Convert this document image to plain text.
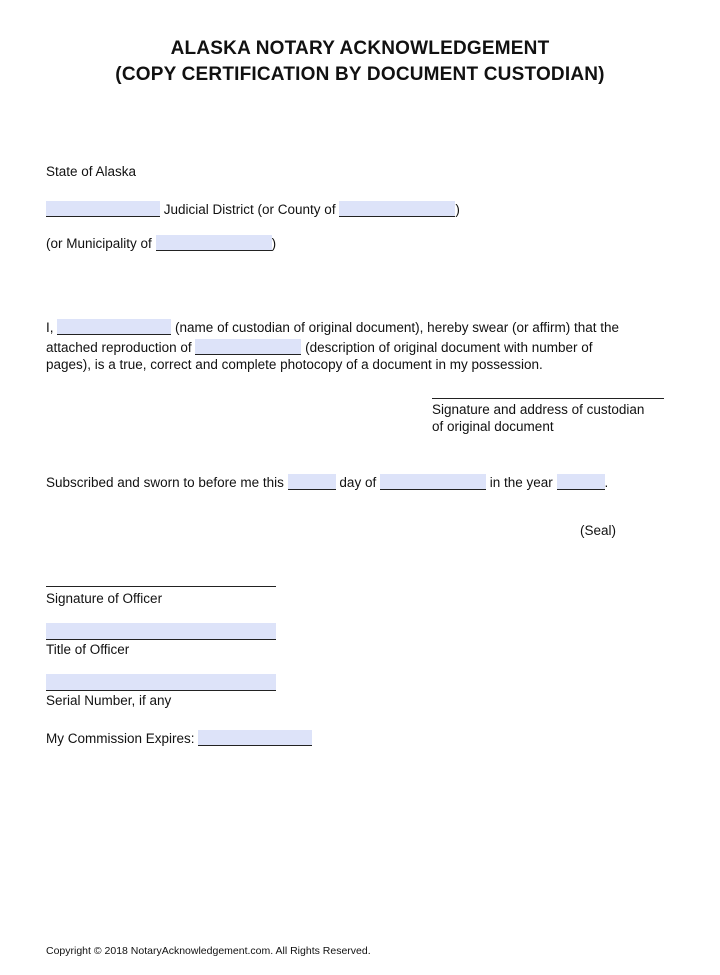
ALASKA NOTARY ACKNOWLEDGEMENT
(COPY CERTIFICATION BY DOCUMENT CUSTODIAN)
State of Alaska
Judicial District (or County of	)
(or Municipality of	)
I,	(name of custodian of original document), hereby swear (or affirm) that the
attached reproduction of	(description of original document with number of
pages), is a true, correct and complete photocopy of a document in my possession.
Signature and address of custodian
of original document
Subscribed and sworn to before me this	day of	in the year	.
(Seal)
Signature of Officer
Title of Officer
Serial Number, if any
My Commission Expires:
Copyright © 2018 NotaryAcknowledgement.com. All Rights Reserved.
